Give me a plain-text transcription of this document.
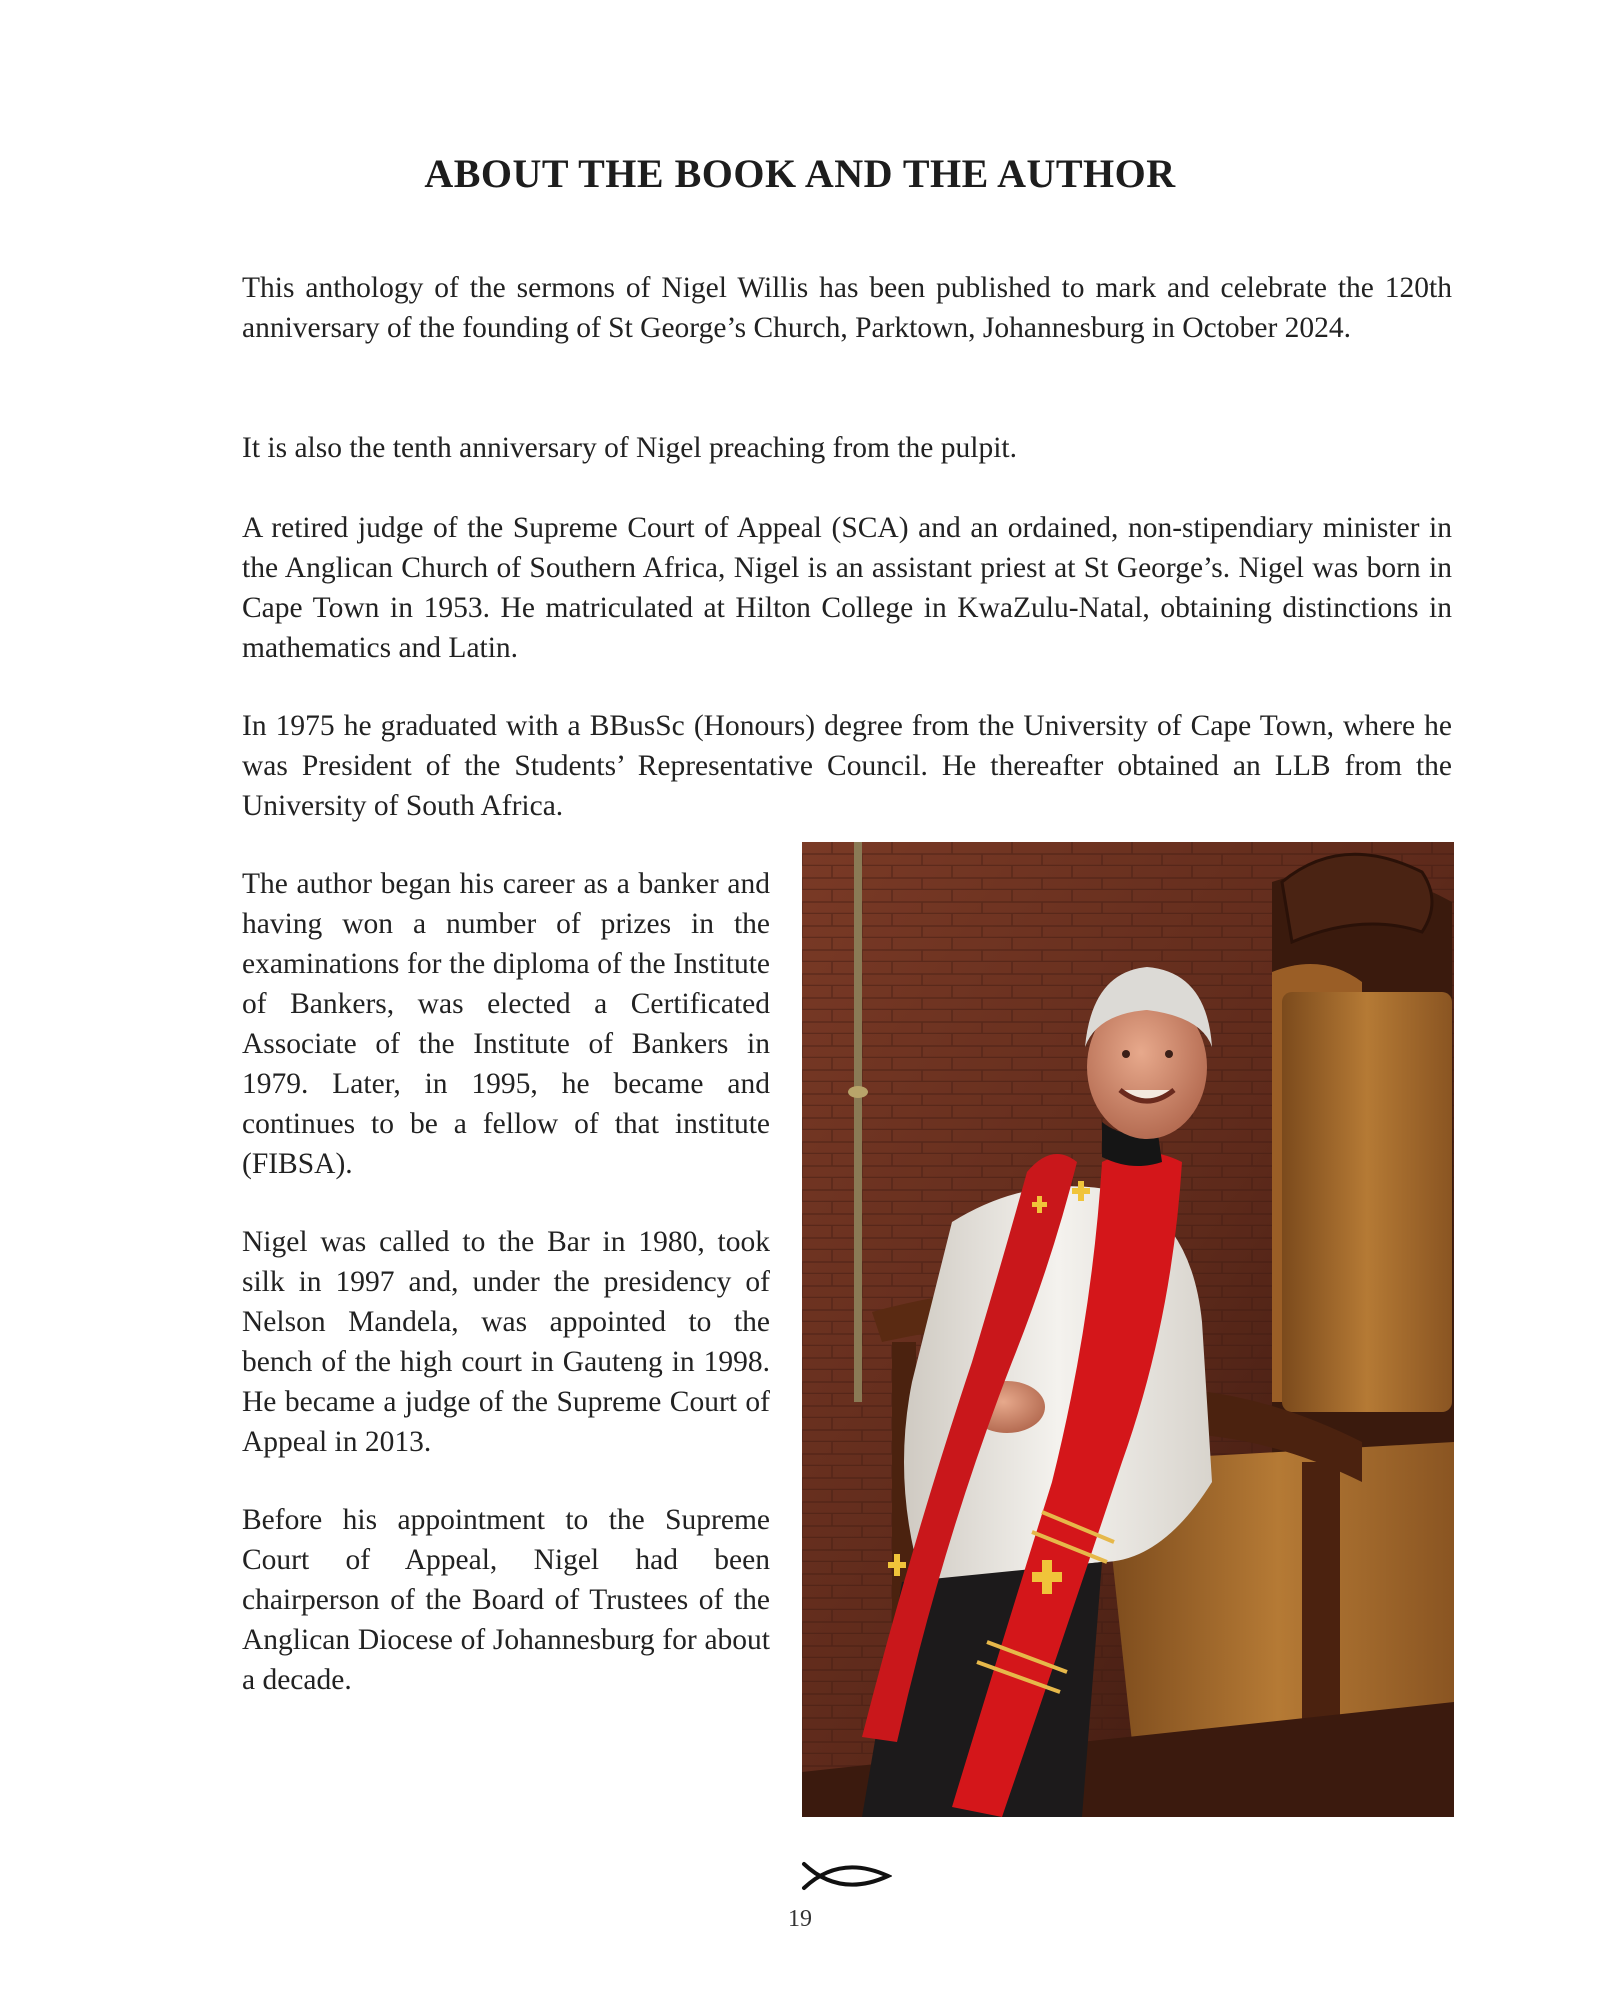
ABOUT THE BOOK AND THE AUTHOR

This anthology of the sermons of Nigel Willis has been published to mark and celebrate the 120th anniversary of the founding of St George’s Church, Parktown, Johannesburg in October 2024.

It is also the tenth anniversary of Nigel preaching from the pulpit.

A retired judge of the Supreme Court of Appeal (SCA) and an ordained, non-stipendiary minister in the Anglican Church of Southern Africa, Nigel is an assistant priest at St George’s. Nigel was born in Cape Town in 1953. He matriculated at Hilton College in KwaZulu-Natal, obtaining distinctions in mathematics and Latin.

In 1975 he graduated with a BBusSc (Honours) degree from the University of Cape Town, where he was President of the Students’ Representative Council. He thereafter obtained an LLB from the University of South Africa.

The author began his career as a banker and having won a number of prizes in the examinations for the diploma of the Institute of Bankers, was elected a Certificated Associate of the Institute of Bankers in 1979. Later, in 1995, he became and continues to be a fellow of that institute (FIBSA).

Nigel was called to the Bar in 1980, took silk in 1997 and, under the presidency of Nelson Mandela, was appointed to the bench of the high court in Gauteng in 1998. He became a judge of the Supreme Court of Appeal in 2013.

Before his appointment to the Supreme Court of Appeal, Nigel had been chairperson of the Board of Trustees of the Anglican Diocese of Johannesburg for about a decade.

19
